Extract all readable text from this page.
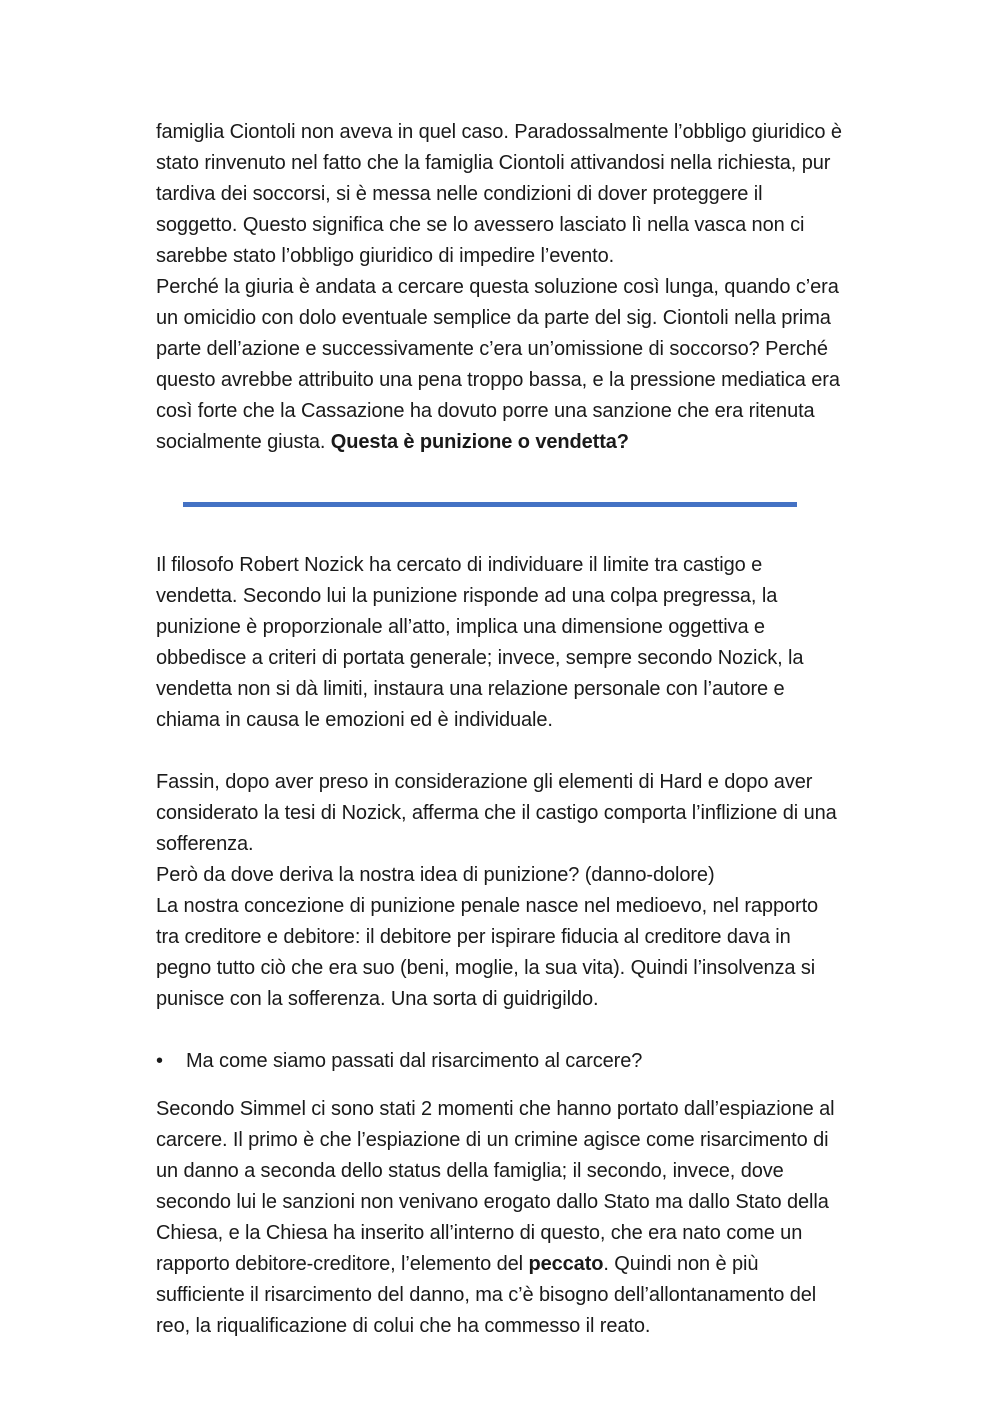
famiglia Ciontoli non aveva in quel caso. Paradossalmente l’obbligo giuridico è
stato rinvenuto nel fatto che la famiglia Ciontoli attivandosi nella richiesta, pur
tardiva dei soccorsi, si è messa nelle condizioni di dover proteggere il
soggetto. Questo significa che se lo avessero lasciato lì nella vasca non ci
sarebbe stato l’obbligo giuridico di impedire l’evento.
Perché la giuria è andata a cercare questa soluzione così lunga, quando c’era
un omicidio con dolo eventuale semplice da parte del sig. Ciontoli nella prima
parte dell’azione e successivamente c’era un’omissione di soccorso? Perché
questo avrebbe attribuito una pena troppo bassa, e la pressione mediatica era
così forte che la Cassazione ha dovuto porre una sanzione che era ritenuta
socialmente giusta. Questa è punizione o vendetta?
Il filosofo Robert Nozick ha cercato di individuare il limite tra castigo e
vendetta. Secondo lui la punizione risponde ad una colpa pregressa, la
punizione è proporzionale all’atto, implica una dimensione oggettiva e
obbedisce a criteri di portata generale; invece, sempre secondo Nozick, la
vendetta non si dà limiti, instaura una relazione personale con l’autore e
chiama in causa le emozioni ed è individuale.
Fassin, dopo aver preso in considerazione gli elementi di Hard e dopo aver
considerato la tesi di Nozick, afferma che il castigo comporta l’inflizione di una
sofferenza.
Però da dove deriva la nostra idea di punizione? (danno-dolore)
La nostra concezione di punizione penale nasce nel medioevo, nel rapporto
tra creditore e debitore: il debitore per ispirare fiducia al creditore dava in
pegno tutto ciò che era suo (beni, moglie, la sua vita). Quindi l’insolvenza si
punisce con la sofferenza. Una sorta di guidrigildo.
•	Ma come siamo passati dal risarcimento al carcere?
Secondo Simmel ci sono stati 2 momenti che hanno portato dall’espiazione al
carcere. Il primo è che l’espiazione di un crimine agisce come risarcimento di
un danno a seconda dello status della famiglia; il secondo, invece, dove
secondo lui le sanzioni non venivano erogato dallo Stato ma dallo Stato della
Chiesa, e la Chiesa ha inserito all’interno di questo, che era nato come un
rapporto debitore-creditore, l’elemento del peccato. Quindi non è più
sufficiente il risarcimento del danno, ma c’è bisogno dell’allontanamento del
reo, la riqualificazione di colui che ha commesso il reato.
